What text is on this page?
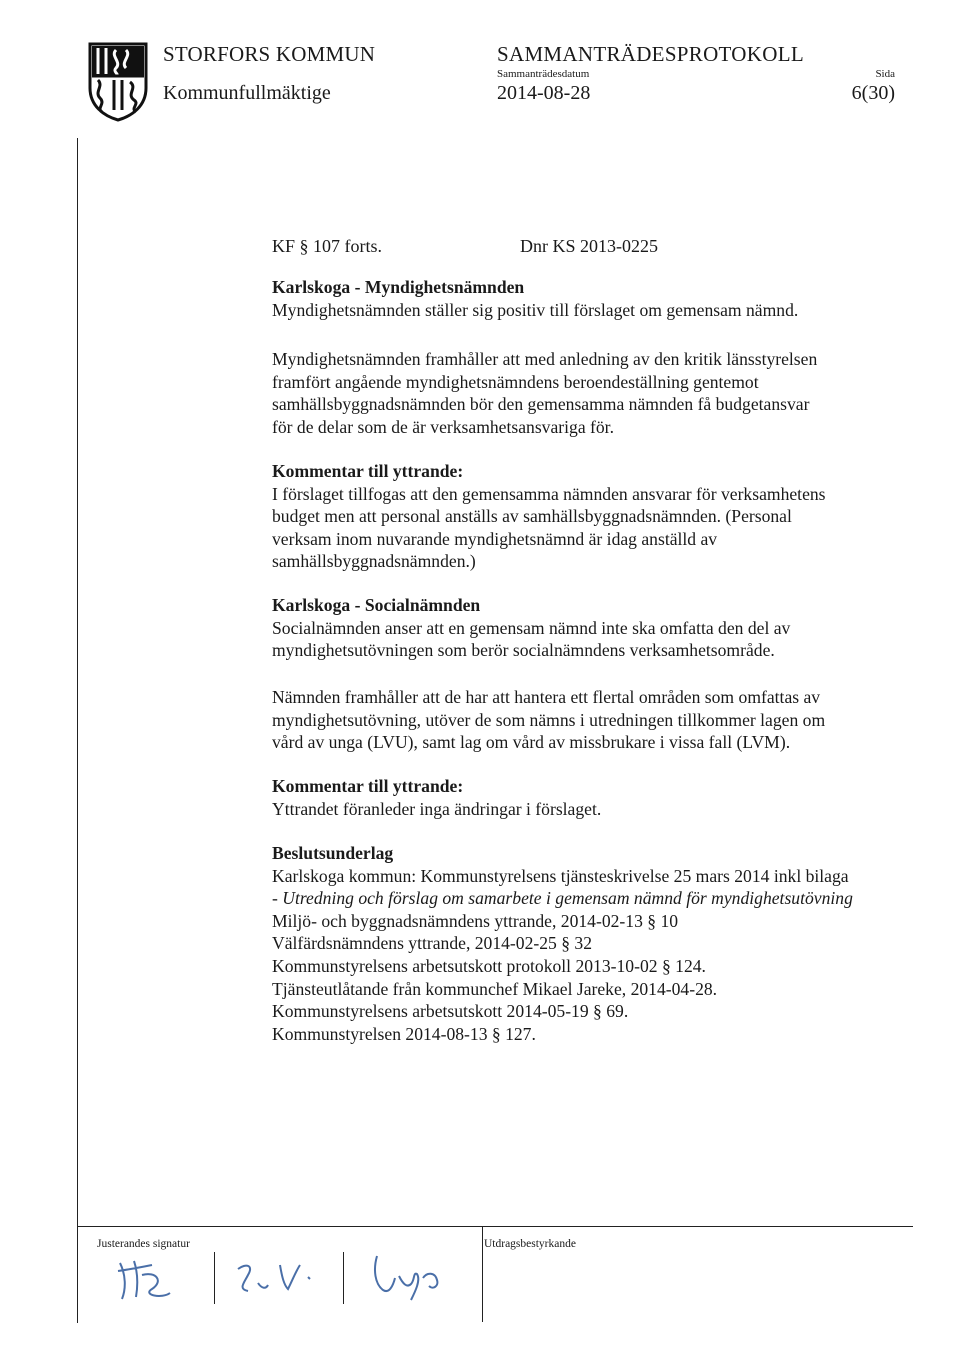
STORFORS KOMMUN
Kommunfullmäktige
SAMMANTRÄDESPROTOKOLL
Sammanträdesdatum
2014-08-28
Sida
6(30)
KF § 107 forts.	Dnr KS 2013-0225
Karlskoga - Myndighetsnämnden
Myndighetsnämnden ställer sig positiv till förslaget om gemensam nämnd.
Myndighetsnämnden framhåller att med anledning av den kritik länsstyrelsen
framfört angående myndighetsnämndens beroendeställning gentemot
samhällsbyggnadsnämnden bör den gemensamma nämnden få budgetansvar
för de delar som de är verksamhetsansvariga för.
Kommentar till yttrande:
I förslaget tillfogas att den gemensamma nämnden ansvarar för verksamhetens
budget men att personal anställs av samhällsbyggnadsnämnden. (Personal
verksam inom nuvarande myndighetsnämnd är idag anställd av
samhällsbyggnadsnämnden.)
Karlskoga - Socialnämnden
Socialnämnden anser att en gemensam nämnd inte ska omfatta den del av
myndighetsutövningen som berör socialnämndens verksamhetsområde.
Nämnden framhåller att de har att hantera ett flertal områden som omfattas av
myndighetsutövning, utöver de som nämns i utredningen tillkommer lagen om
vård av unga (LVU), samt lag om vård av missbrukare i vissa fall (LVM).
Kommentar till yttrande:
Yttrandet föranleder inga ändringar i förslaget.
Beslutsunderlag
Karlskoga kommun: Kommunstyrelsens tjänsteskrivelse 25 mars 2014 inkl bilaga
- Utredning och förslag om samarbete i gemensam nämnd för myndighetsutövning
Miljö- och byggnadsnämndens yttrande, 2014-02-13 § 10
Välfärdsnämndens yttrande, 2014-02-25 § 32
Kommunstyrelsens arbetsutskott protokoll 2013-10-02 § 124.
Tjänsteutlåtande från kommunchef Mikael Jareke, 2014-04-28.
Kommunstyrelsens arbetsutskott 2014-05-19 § 69.
Kommunstyrelsen 2014-08-13 § 127.
Justerandes signatur	Utdragsbestyrkande
